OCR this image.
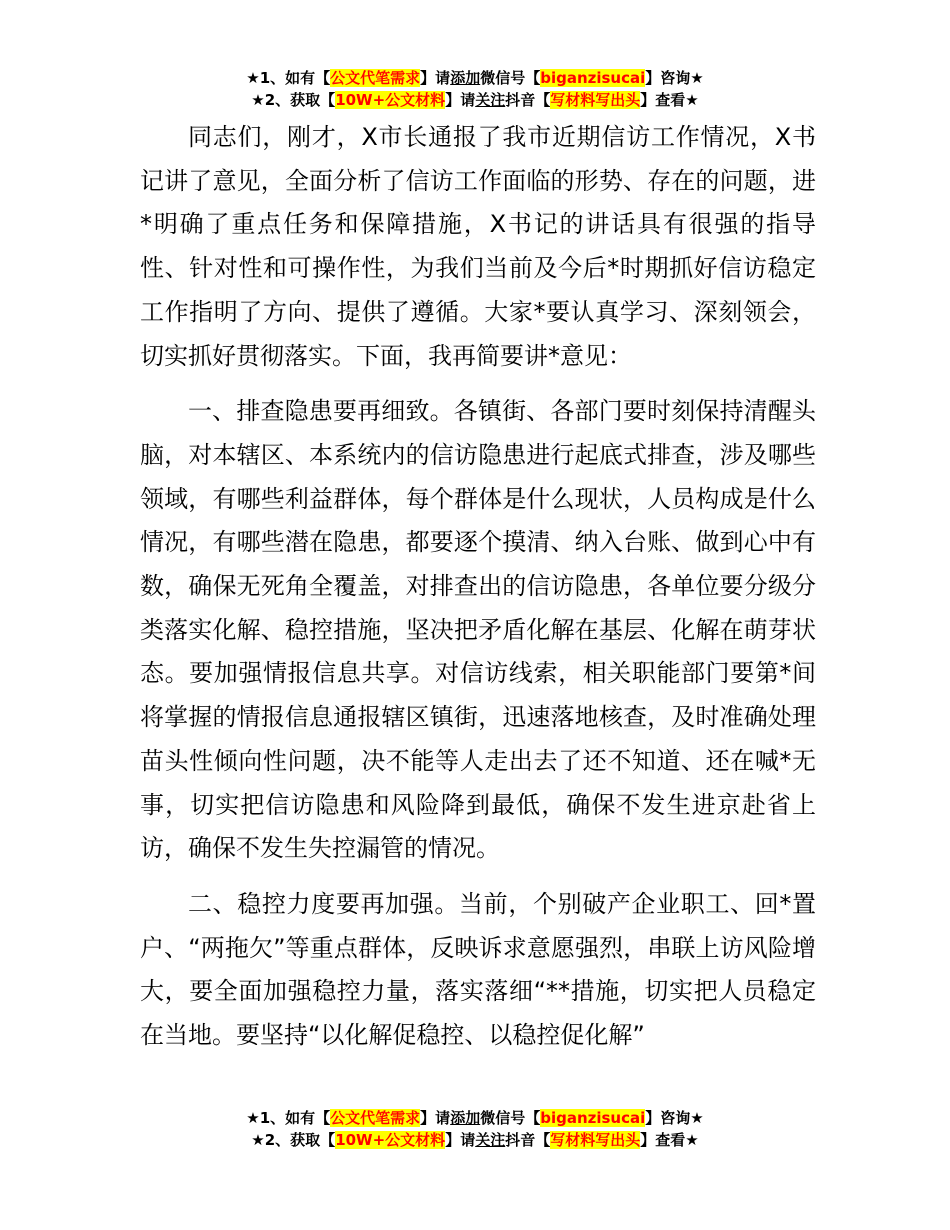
★1、如有【公文代笔需求】请添加微信号【biganzisucai】咨询★
★2、获取【10W+公文材料】请关注抖音【写材料写出头】查看★

同志们，刚才，X市长通报了我市近期信访工作情况，X书记讲了意见，全面分析了信访工作面临的形势、存在的问题，进*明确了重点任务和保障措施，X书记的讲话具有很强的指导性、针对性和可操作性，为我们当前及今后*时期抓好信访稳定工作指明了方向、提供了遵循。大家*要认真学习、深刻领会，切实抓好贯彻落实。下面，我再简要讲*意见：

一、排查隐患要再细致。各镇街、各部门要时刻保持清醒头脑，对本辖区、本系统内的信访隐患进行起底式排查，涉及哪些领域，有哪些利益群体，每个群体是什么现状，人员构成是什么情况，有哪些潜在隐患，都要逐个摸清、纳入台账、做到心中有数，确保无死角全覆盖，对排查出的信访隐患，各单位要分级分类落实化解、稳控措施，坚决把矛盾化解在基层、化解在萌芽状态。要加强情报信息共享。对信访线索，相关职能部门要第*间将掌握的情报信息通报辖区镇街，迅速落地核查，及时准确处理苗头性倾向性问题，决不能等人走出去了还不知道、还在喊*无事，切实把信访隐患和风险降到最低，确保不发生进京赴省上访，确保不发生失控漏管的情况。

二、稳控力度要再加强。当前，个别破产企业职工、回*置户、“两拖欠”等重点群体，反映诉求意愿强烈，串联上访风险增大，要全面加强稳控力量，落实落细“**措施，切实把人员稳定在当地。要坚持“以化解促稳控、以稳控促化解”

★1、如有【公文代笔需求】请添加微信号【biganzisucai】咨询★
★2、获取【10W+公文材料】请关注抖音【写材料写出头】查看★
